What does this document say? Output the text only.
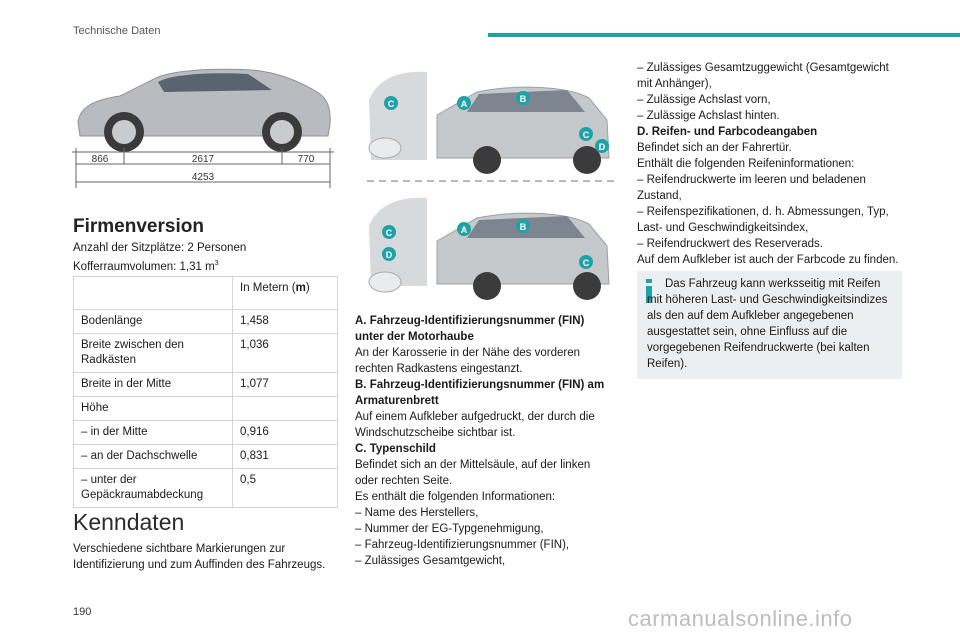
Technische Daten
866	2617	770
4253
Firmenversion

Anzahl der Sitzplätze: 2 Personen

Kofferraumvolumen: 1,31 $m^3$

	In Metern (m)
Bodenlänge	1,458
Breite zwischen den Radkästen	1,036
Breite in der Mitte	1,077
Höhe	
– in der Mitte	0,916
– an der Dachschwelle	0,831
– unter der Gepäckraumabdeckung	0,5
Kenndaten

Verschiedene sichtbare Markierungen zur Identifizierung und zum Auffinden des Fahrzeugs.

C	A	B
C
D
C
D
A	B
C
A. Fahrzeug-Identifizierungsnummer (FIN) unter der Motorhaube
An der Karosserie in der Nähe des vorderen rechten Radkastens eingestanzt.
B. Fahrzeug-Identifizierungsnummer (FIN) am Armaturenbrett
Auf einem Aufkleber aufgedruckt, der durch die Windschutzscheibe sichtbar ist.
C. Typenschild
Befindet sich an der Mittelsäule, auf der linken oder rechten Seite.
Es enthält die folgenden Informationen:
– Name des Herstellers,
– Nummer der EG-Typgenehmigung,
– Fahrzeug-Identifizierungsnummer (FIN),
– Zulässiges Gesamtgewicht,
– Zulässiges Gesamtzuggewicht (Gesamtgewicht mit Anhänger),
– Zulässige Achslast vorn,
– Zulässige Achslast hinten.
D. Reifen- und Farbcodeangaben
Befindet sich an der Fahrertür.
Enthält die folgenden Reifeninformationen:
– Reifendruckwerte im leeren und beladenen Zustand,
– Reifenspezifikationen, d. h. Abmessungen, Typ, Last- und Geschwindigkeitsindex,
– Reifendruckwert des Reserverads.
Auf dem Aufkleber ist auch der Farbcode zu finden.
Das Fahrzeug kann werksseitig mit Reifen mit höheren Last- und Geschwindigkeitsindizes als den auf dem Aufkleber angegebenen ausgestattet sein, ohne Einfluss auf die vorgegebenen Reifendruckwerte (bei kalten Reifen).
190	carmanualsonline.info
